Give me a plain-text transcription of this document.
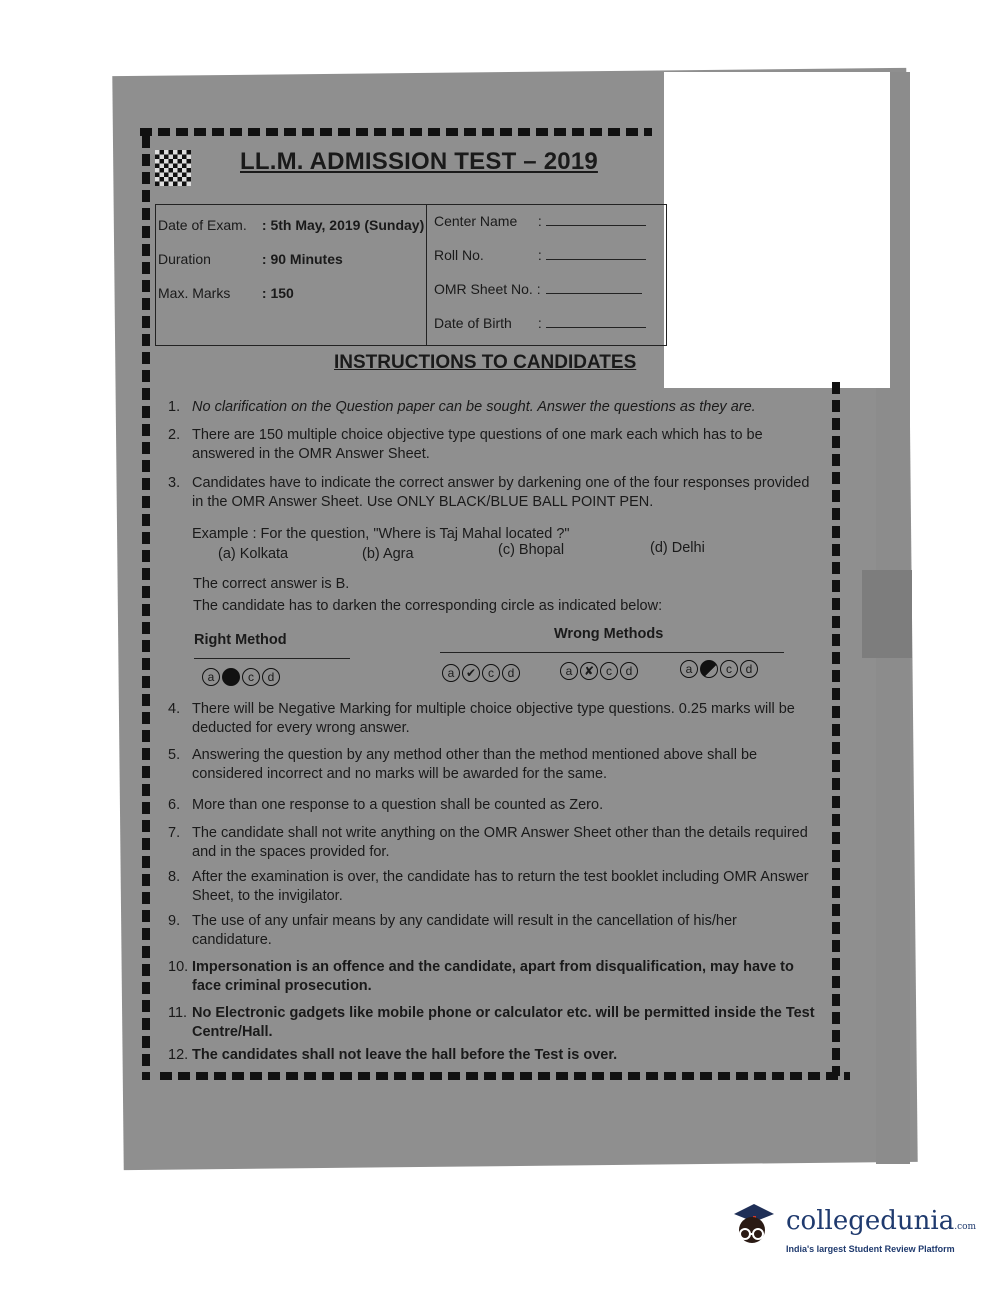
LL.M. ADMISSION TEST – 2019
Date of Exam. : 5th May, 2019 (Sunday)
Duration	: 90 Minutes
Max. Marks : 150
Center Name :
Roll No.	:
OMR Sheet No. :
Date of Birth :
INSTRUCTIONS TO CANDIDATES
1. No clarification on the Question paper can be sought. Answer the questions as they are.
2. There are 150 multiple choice objective type questions of one mark each which has to be answered in the OMR Answer Sheet.
3. Candidates have to indicate the correct answer by darkening one of the four responses provided in the OMR Answer Sheet. Use ONLY BLACK/BLUE BALL POINT PEN.
Example : For the question, "Where is Taj Mahal located ?"
(a) Kolkata	(b) Agra	(c) Bhopal	(d) Delhi
The correct answer is B.
The candidate has to darken the corresponding circle as indicated below:
Right Method	Wrong Methods
a	c	d	a ✔ c	d	a ✘ c	d	a	c	d
4. There will be Negative Marking for multiple choice objective type questions. 0.25 marks will be deducted for every wrong answer.
5. Answering the question by any method other than the method mentioned above shall be considered incorrect and no marks will be awarded for the same.
6. More than one response to a question shall be counted as Zero.
7. The candidate shall not write anything on the OMR Answer Sheet other than the details required and in the spaces provided for.
8. After the examination is over, the candidate has to return the test booklet including OMR Answer Sheet, to the invigilator.
9. The use of any unfair means by any candidate will result in the cancellation of his/her candidature.
10. Impersonation is an offence and the candidate, apart from disqualification, may have to face criminal prosecution.
11. No Electronic gadgets like mobile phone or calculator etc. will be permitted inside the Test Centre/Hall.
12. The candidates shall not leave the hall before the Test is over.
collegedunia.com
India's largest Student Review Platform
